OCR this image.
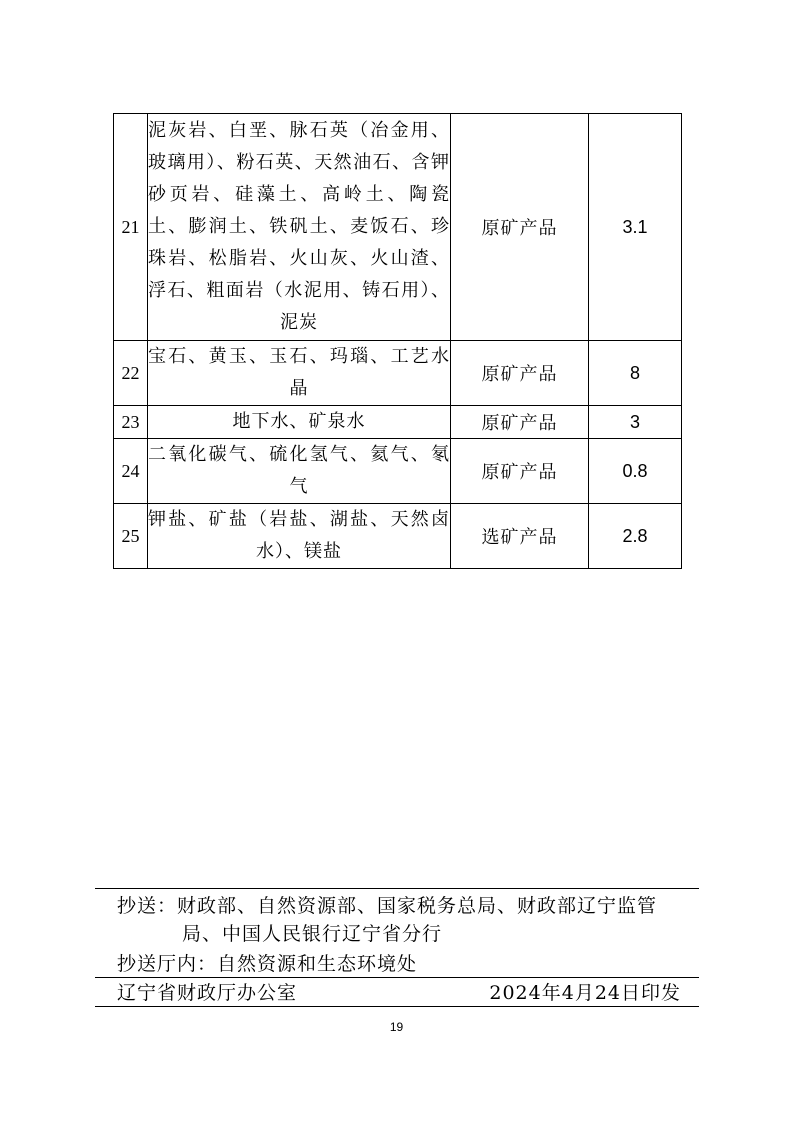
21	泥灰岩、白垩、脉石英（冶金用、玻璃用）、粉石英、天然油石、含钾砂页岩、硅藻土、高岭土、陶瓷土、膨润土、铁矾土、麦饭石、珍珠岩、松脂岩、火山灰、火山渣、浮石、粗面岩（水泥用、铸石用）、泥炭	原矿产品	3.1
22	宝石、黄玉、玉石、玛瑙、工艺水晶	原矿产品	8
23	地下水、矿泉水	原矿产品	3
24	二氧化碳气、硫化氢气、氦气、氡气	原矿产品	0.8
25	钾盐、矿盐（岩盐、湖盐、天然卤水）、镁盐	选矿产品	2.8
抄送：财政部、自然资源部、国家税务总局、财政部辽宁监管
局、中国人民银行辽宁省分行
抄送厅内：自然资源和生态环境处
辽宁省财政厅办公室	2024年4月24日印发
19
